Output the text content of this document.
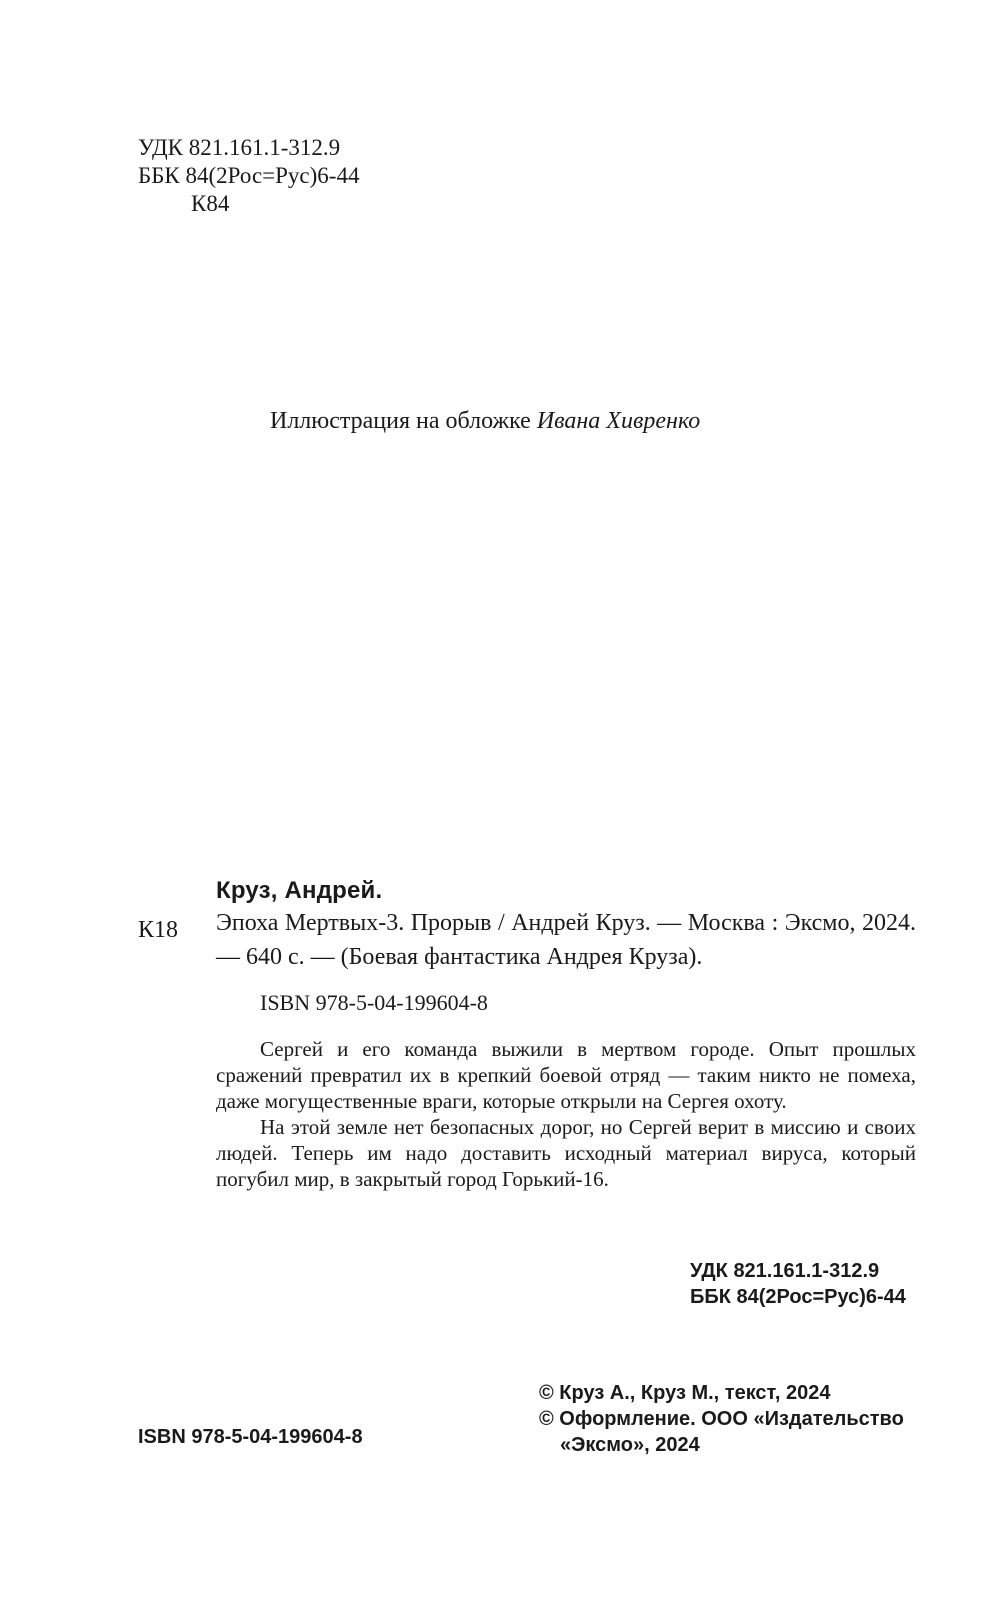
УДК 821.161.1-312.9
ББК 84(2Рос=Рус)6-44
К84
Иллюстрация на обложке Ивана Хивренко
К18

Круз, Андрей.

Эпоха Мертвых-3. Прорыв / Андрей Круз. — Москва : Эксмо, 2024. — 640 с. — (Боевая фантастика Андрея Круза).

ISBN 978-5-04-199604-8

Сергей и его команда выжили в мертвом городе. Опыт прошлых сражений превратил их в крепкий боевой отряд — таким никто не помеха, даже могущественные враги, которые открыли на Сергея охоту.

На этой земле нет безопасных дорог, но Сергей верит в миссию и своих людей. Теперь им надо доставить исходный материал вируса, который погубил мир, в закрытый город Горький-16.

УДК 821.161.1-312.9
ББК 84(2Рос=Рус)6-44
© Круз А., Круз М., текст, 2024
© Оформление. ООО «Издательство
«Эксмо», 2024
ISBN 978-5-04-199604-8
